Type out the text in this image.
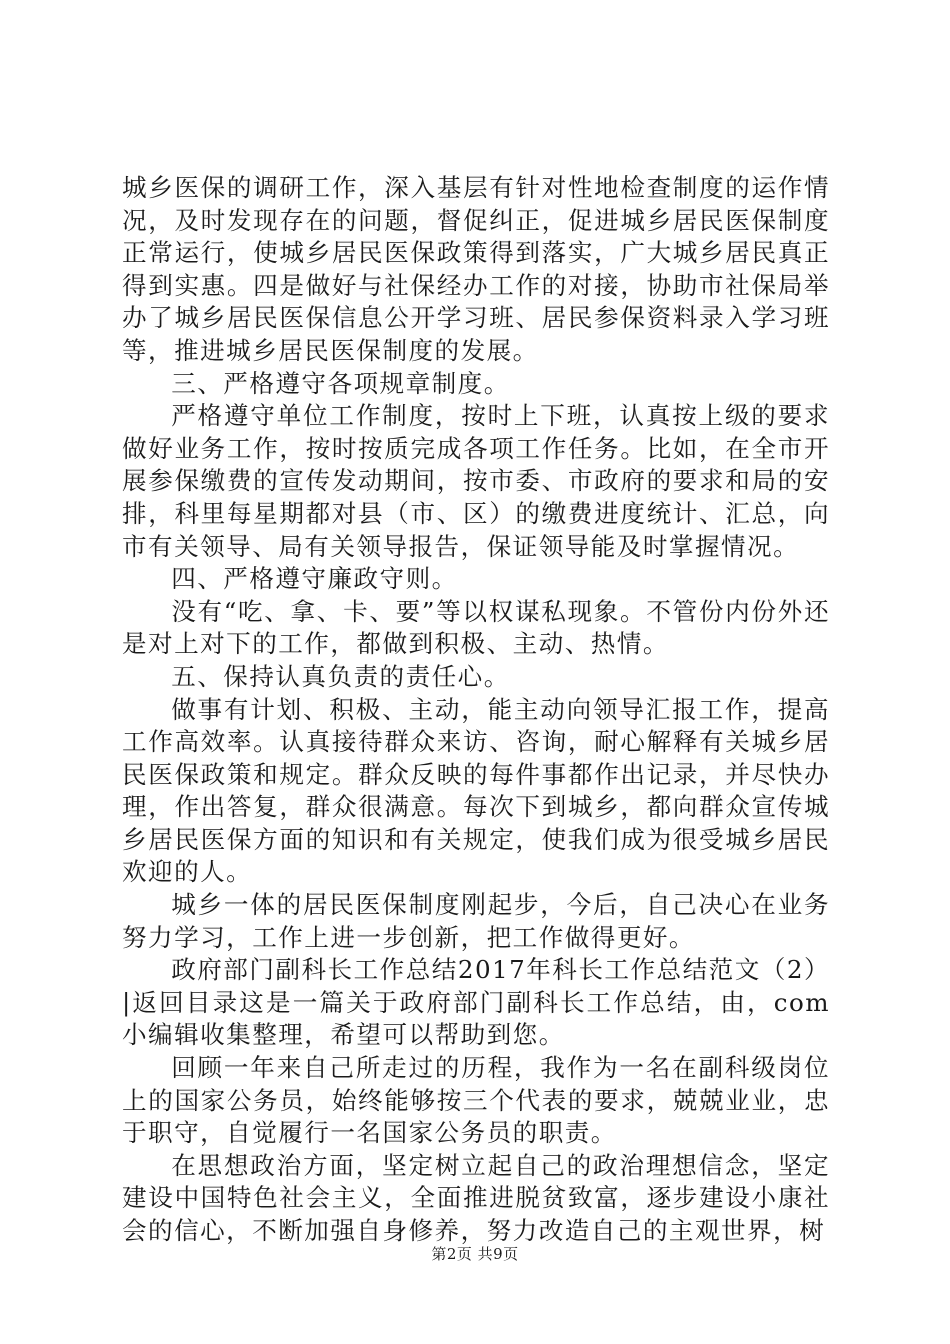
城乡医保的调研工作，深入基层有针对性地检查制度的运作情况，及时发现存在的问题，督促纠正，促进城乡居民医保制度正常运行，使城乡居民医保政策得到落实，广大城乡居民真正得到实惠。四是做好与社保经办工作的对接，协助市社保局举办了城乡居民医保信息公开学习班、居民参保资料录入学习班等，推进城乡居民医保制度的发展。

三、严格遵守各项规章制度。

严格遵守单位工作制度，按时上下班，认真按上级的要求做好业务工作，按时按质完成各项工作任务。比如，在全市开展参保缴费的宣传发动期间，按市委、市政府的要求和局的安排，科里每星期都对县（市、区）的缴费进度统计、汇总，向市有关领导、局有关领导报告，保证领导能及时掌握情况。

四、严格遵守廉政守则。

没有“吃、拿、卡、要”等以权谋私现象。不管份内份外还是对上对下的工作，都做到积极、主动、热情。

五、保持认真负责的责任心。

做事有计划、积极、主动，能主动向领导汇报工作，提高工作高效率。认真接待群众来访、咨询，耐心解释有关城乡居民医保政策和规定。群众反映的每件事都作出记录，并尽快办理，作出答复，群众很满意。每次下到城乡，都向群众宣传城乡居民医保方面的知识和有关规定，使我们成为很受城乡居民欢迎的人。

城乡一体的居民医保制度刚起步，今后，自己决心在业务努力学习，工作上进一步创新，把工作做得更好。

政府部门副科长工作总结2017年科长工作总结范文（2）|返回目录这是一篇关于政府部门副科长工作总结，由，com小编辑收集整理，希望可以帮助到您。

回顾一年来自己所走过的历程，我作为一名在副科级岗位上的国家公务员，始终能够按三个代表的要求，兢兢业业，忠于职守，自觉履行一名国家公务员的职责。

在思想政治方面，坚定树立起自己的政治理想信念，坚定建设中国特色社会主义，全面推进脱贫致富，逐步建设小康社会的信心，不断加强自身修养，努力改造自己的主观世界，树

第2页 共9页
